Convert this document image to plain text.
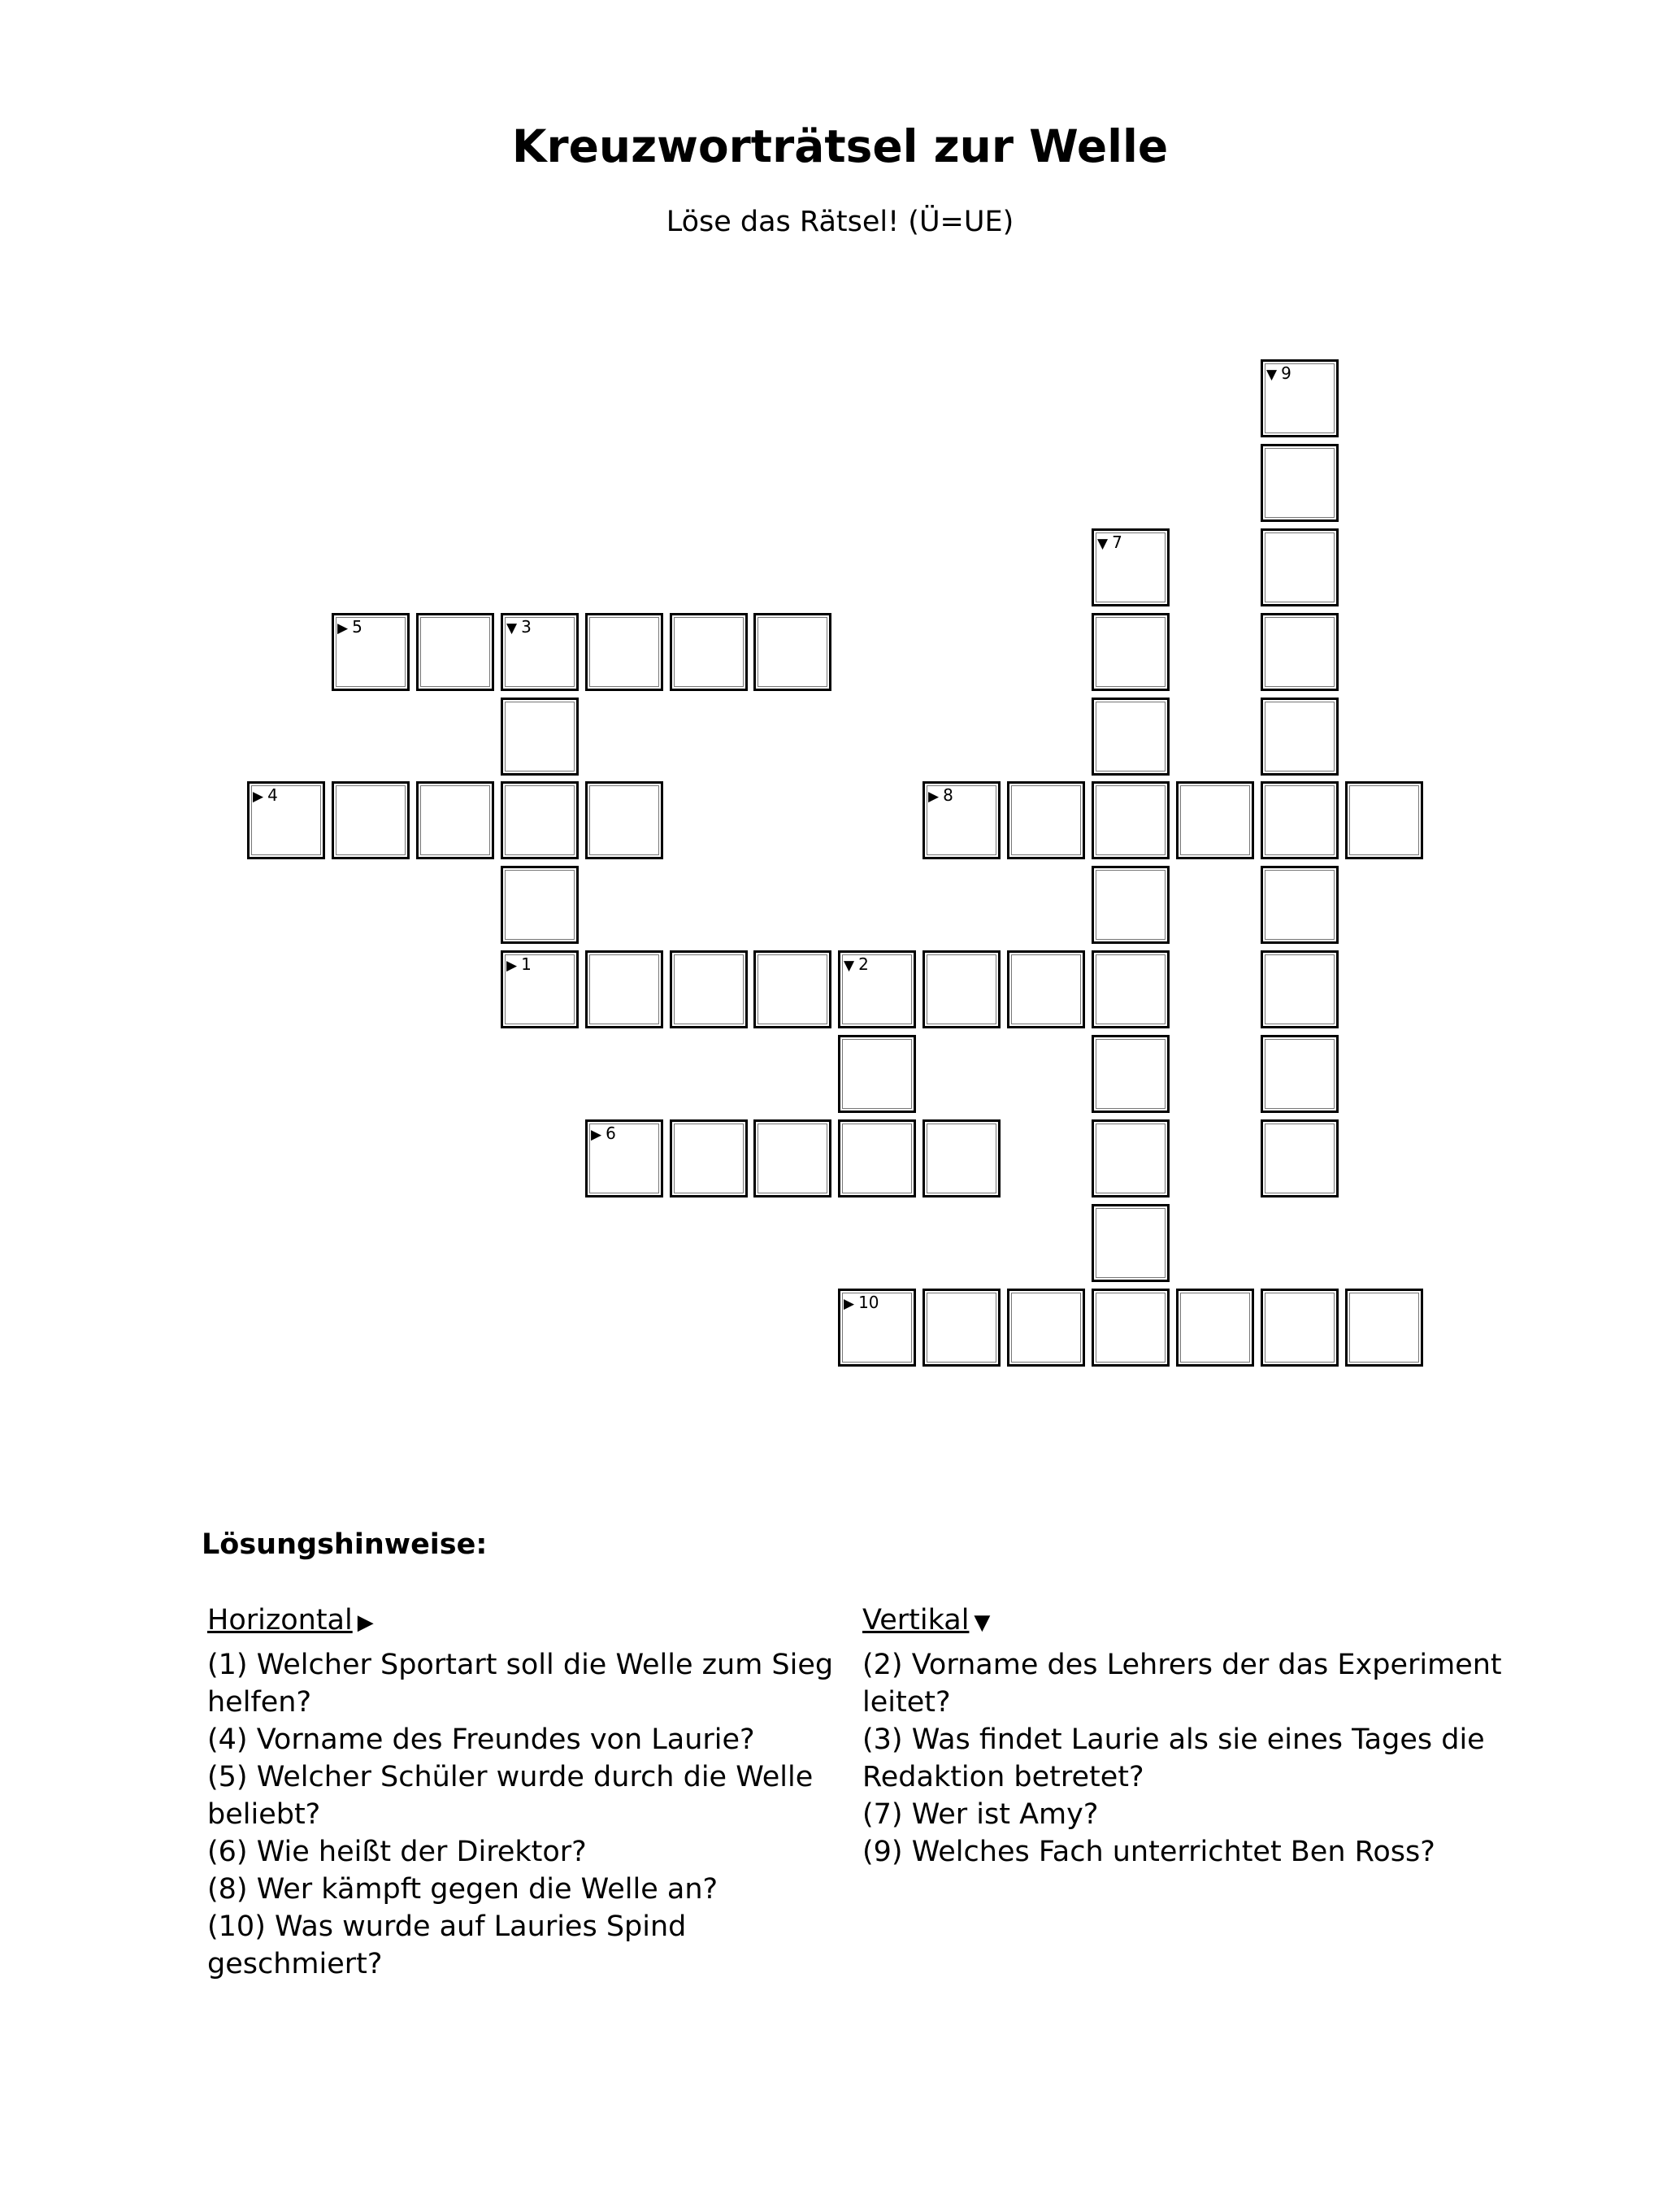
Kreuzworträtsel zur Welle

Löse das Rätsel! (Ü=UE)

▶ 1	▼ 2
▼ 3
▶ 4
▶ 5
▶ 6
▼ 7
▶ 8
▼ 9
▶ 10
Lösungshinweise:
Horizontal ▶

(1) Welcher Sportart soll die Welle zum Sieg helfen?

(4) Vorname des Freundes von Laurie?

(5) Welcher Schüler wurde durch die Welle beliebt?

(6) Wie heißt der Direktor?

(8) Wer kämpft gegen die Welle an?

(10) Was wurde auf Lauries Spind geschmiert?

Vertikal ▼

(2) Vorname des Lehrers der das Experiment leitet?

(3) Was findet Laurie als sie eines Tages die Redaktion betretet?

(7) Wer ist Amy?

(9) Welches Fach unterrichtet Ben Ross?
